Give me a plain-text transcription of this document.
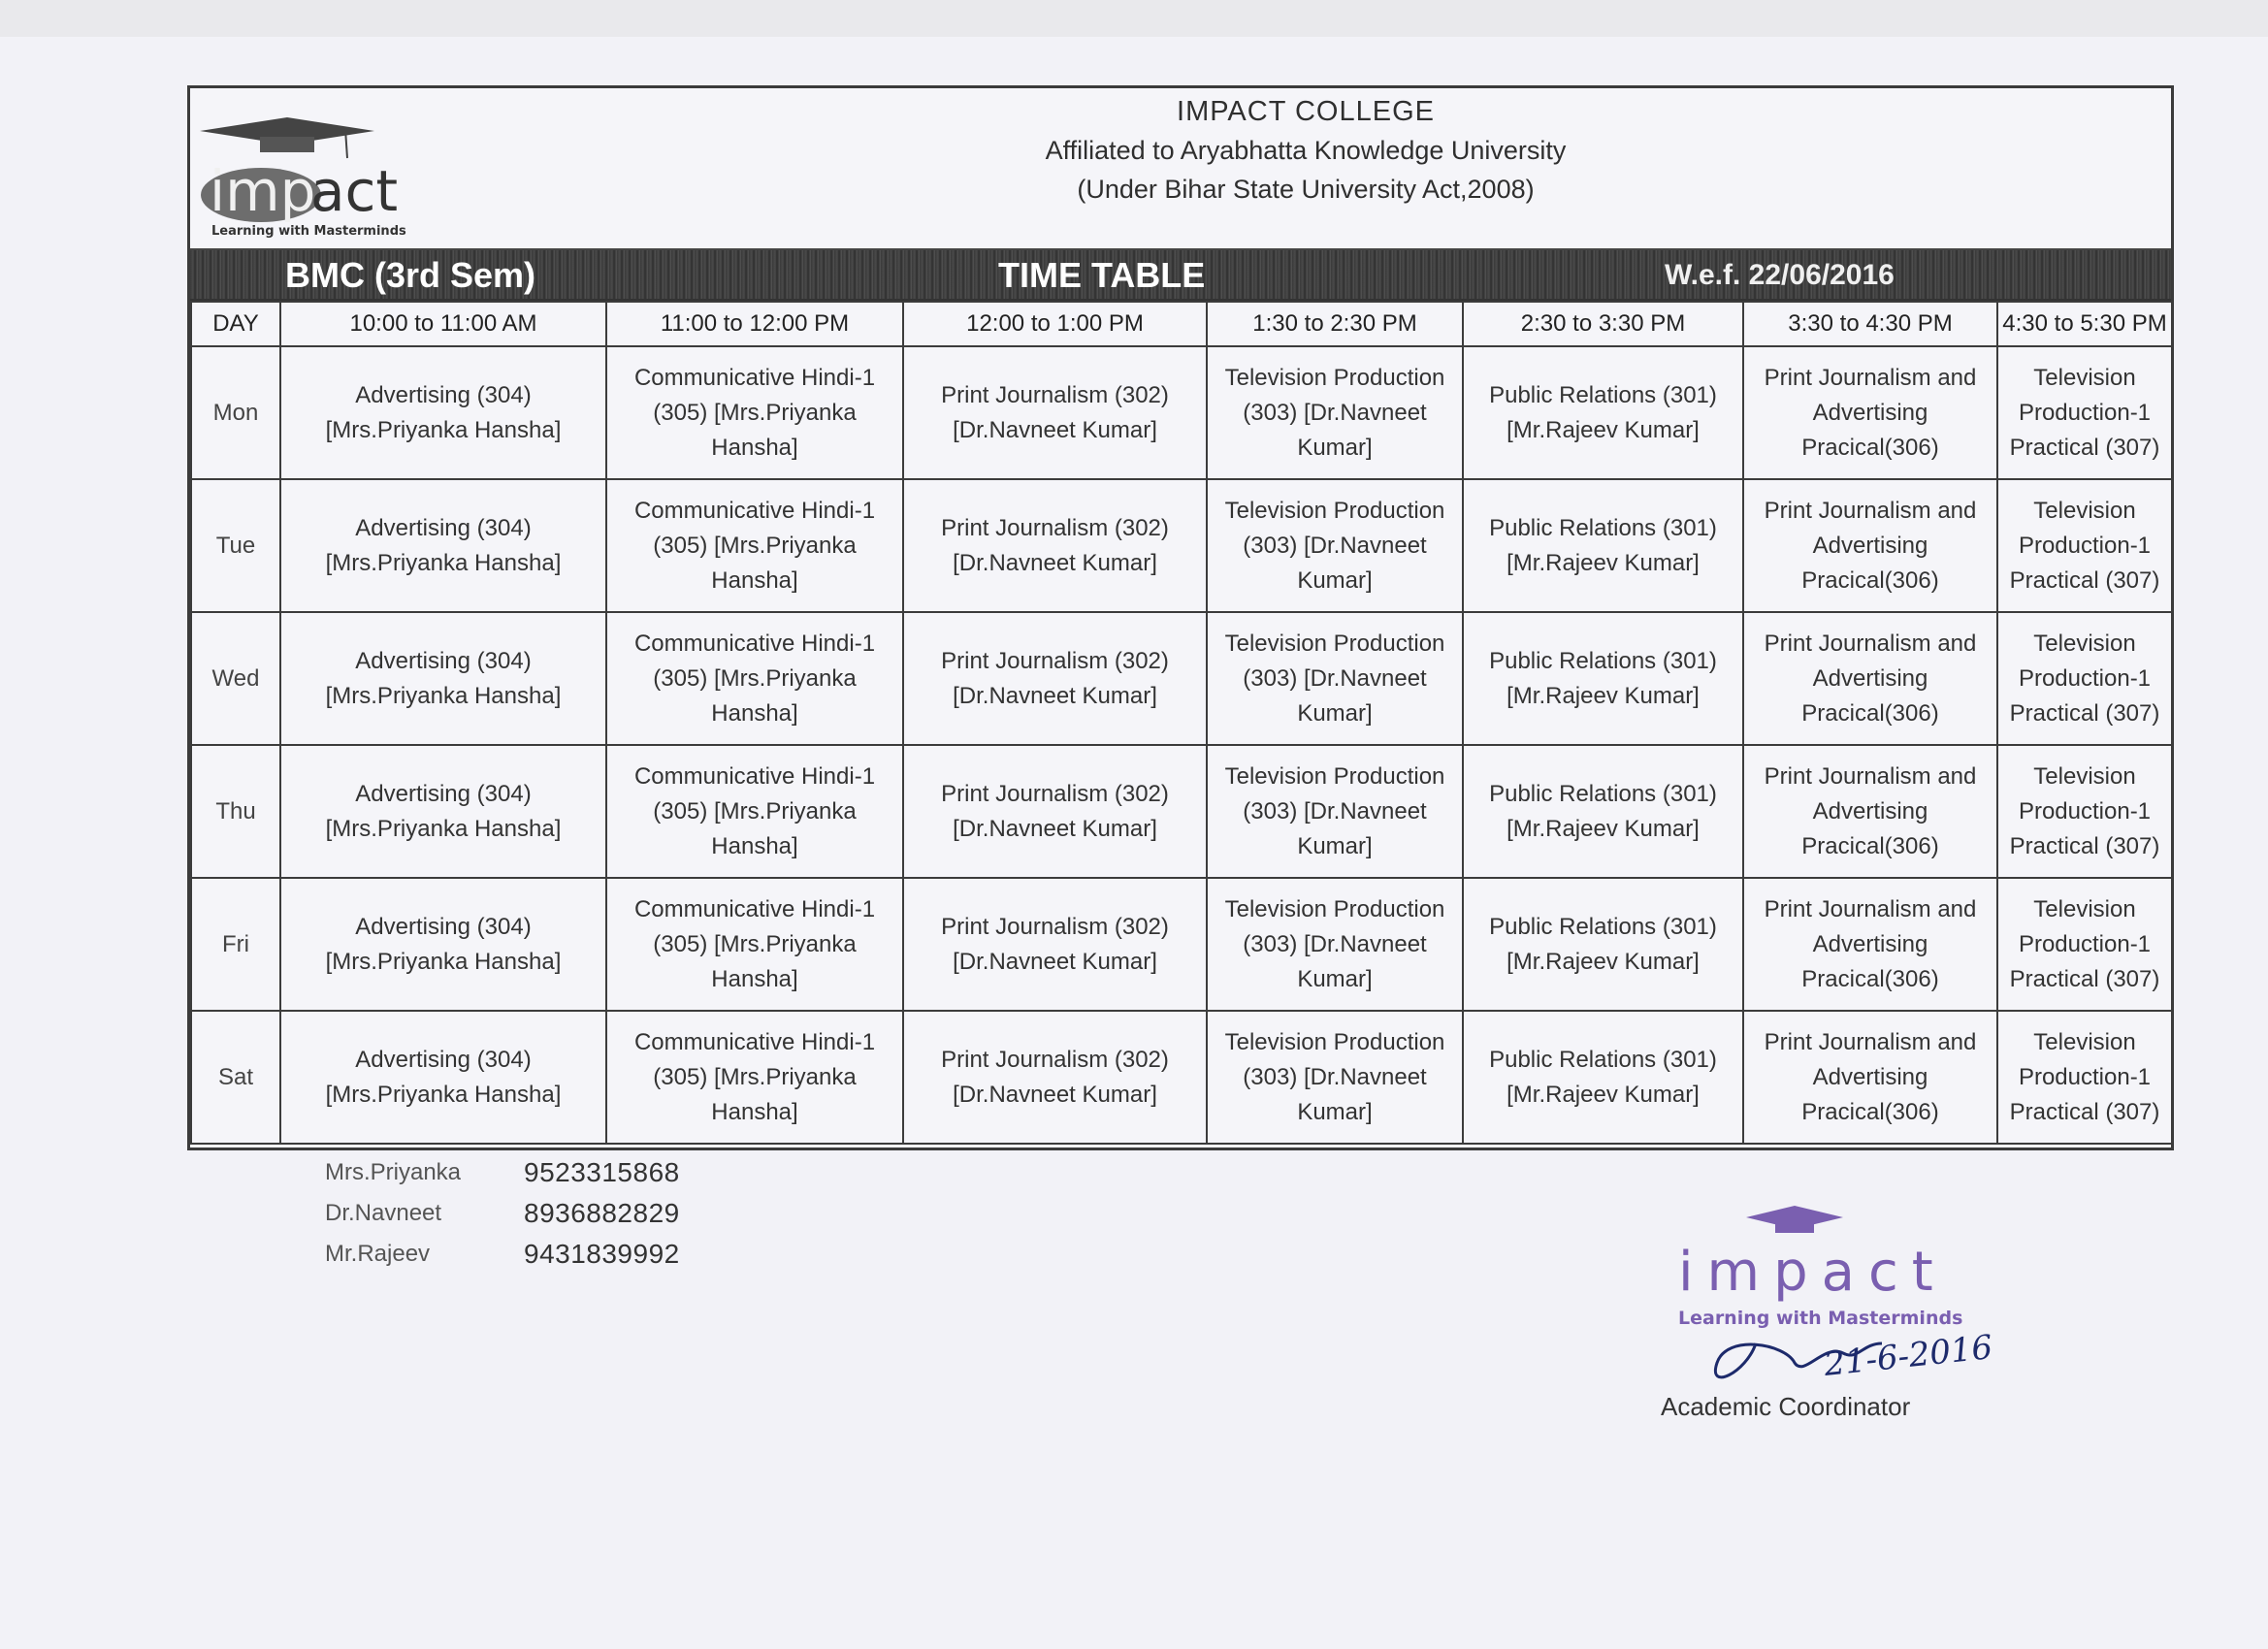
imp
act
Learning with Masterminds
IMPACT COLLEGE
Affiliated to Aryabhatta Knowledge University
(Under Bihar State University Act,2008)
BMC (3rd Sem)	TIME TABLE	W.e.f. 22/06/2016
DAY	10:00 to 11:00 AM	11:00 to 12:00 PM	12:00 to 1:00 PM	1:30 to 2:30 PM	2:30 to 3:30 PM	3:30 to 4:30 PM	4:30 to 5:30 PM
Mon	Advertising (304) [Mrs.Priyanka Hansha]	Communicative Hindi-1 (305) [Mrs.Priyanka Hansha]	Print Journalism (302) [Dr.Navneet Kumar]	Television Production (303) [Dr.Navneet Kumar]	Public Relations (301) [Mr.Rajeev Kumar]	Print Journalism and Advertising Pracical(306)	Television Production-1 Practical (307)
Tue	Advertising (304) [Mrs.Priyanka Hansha]	Communicative Hindi-1 (305) [Mrs.Priyanka Hansha]	Print Journalism (302) [Dr.Navneet Kumar]	Television Production (303) [Dr.Navneet Kumar]	Public Relations (301) [Mr.Rajeev Kumar]	Print Journalism and Advertising Pracical(306)	Television Production-1 Practical (307)
Wed	Advertising (304) [Mrs.Priyanka Hansha]	Communicative Hindi-1 (305) [Mrs.Priyanka Hansha]	Print Journalism (302) [Dr.Navneet Kumar]	Television Production (303) [Dr.Navneet Kumar]	Public Relations (301) [Mr.Rajeev Kumar]	Print Journalism and Advertising Pracical(306)	Television Production-1 Practical (307)
Thu	Advertising (304) [Mrs.Priyanka Hansha]	Communicative Hindi-1 (305) [Mrs.Priyanka Hansha]	Print Journalism (302) [Dr.Navneet Kumar]	Television Production (303) [Dr.Navneet Kumar]	Public Relations (301) [Mr.Rajeev Kumar]	Print Journalism and Advertising Pracical(306)	Television Production-1 Practical (307)
Fri	Advertising (304) [Mrs.Priyanka Hansha]	Communicative Hindi-1 (305) [Mrs.Priyanka Hansha]	Print Journalism (302) [Dr.Navneet Kumar]	Television Production (303) [Dr.Navneet Kumar]	Public Relations (301) [Mr.Rajeev Kumar]	Print Journalism and Advertising Pracical(306)	Television Production-1 Practical (307)
Sat	Advertising (304) [Mrs.Priyanka Hansha]	Communicative Hindi-1 (305) [Mrs.Priyanka Hansha]	Print Journalism (302) [Dr.Navneet Kumar]	Television Production (303) [Dr.Navneet Kumar]	Public Relations (301) [Mr.Rajeev Kumar]	Print Journalism and Advertising Pracical(306)	Television Production-1 Practical (307)
Mrs.Priyanka	9523315868
Dr.Navneet	8936882829
Mr.Rajeev	9431839992	impact
Learning with Masterminds
21-6-2016
Academic Coordinator
